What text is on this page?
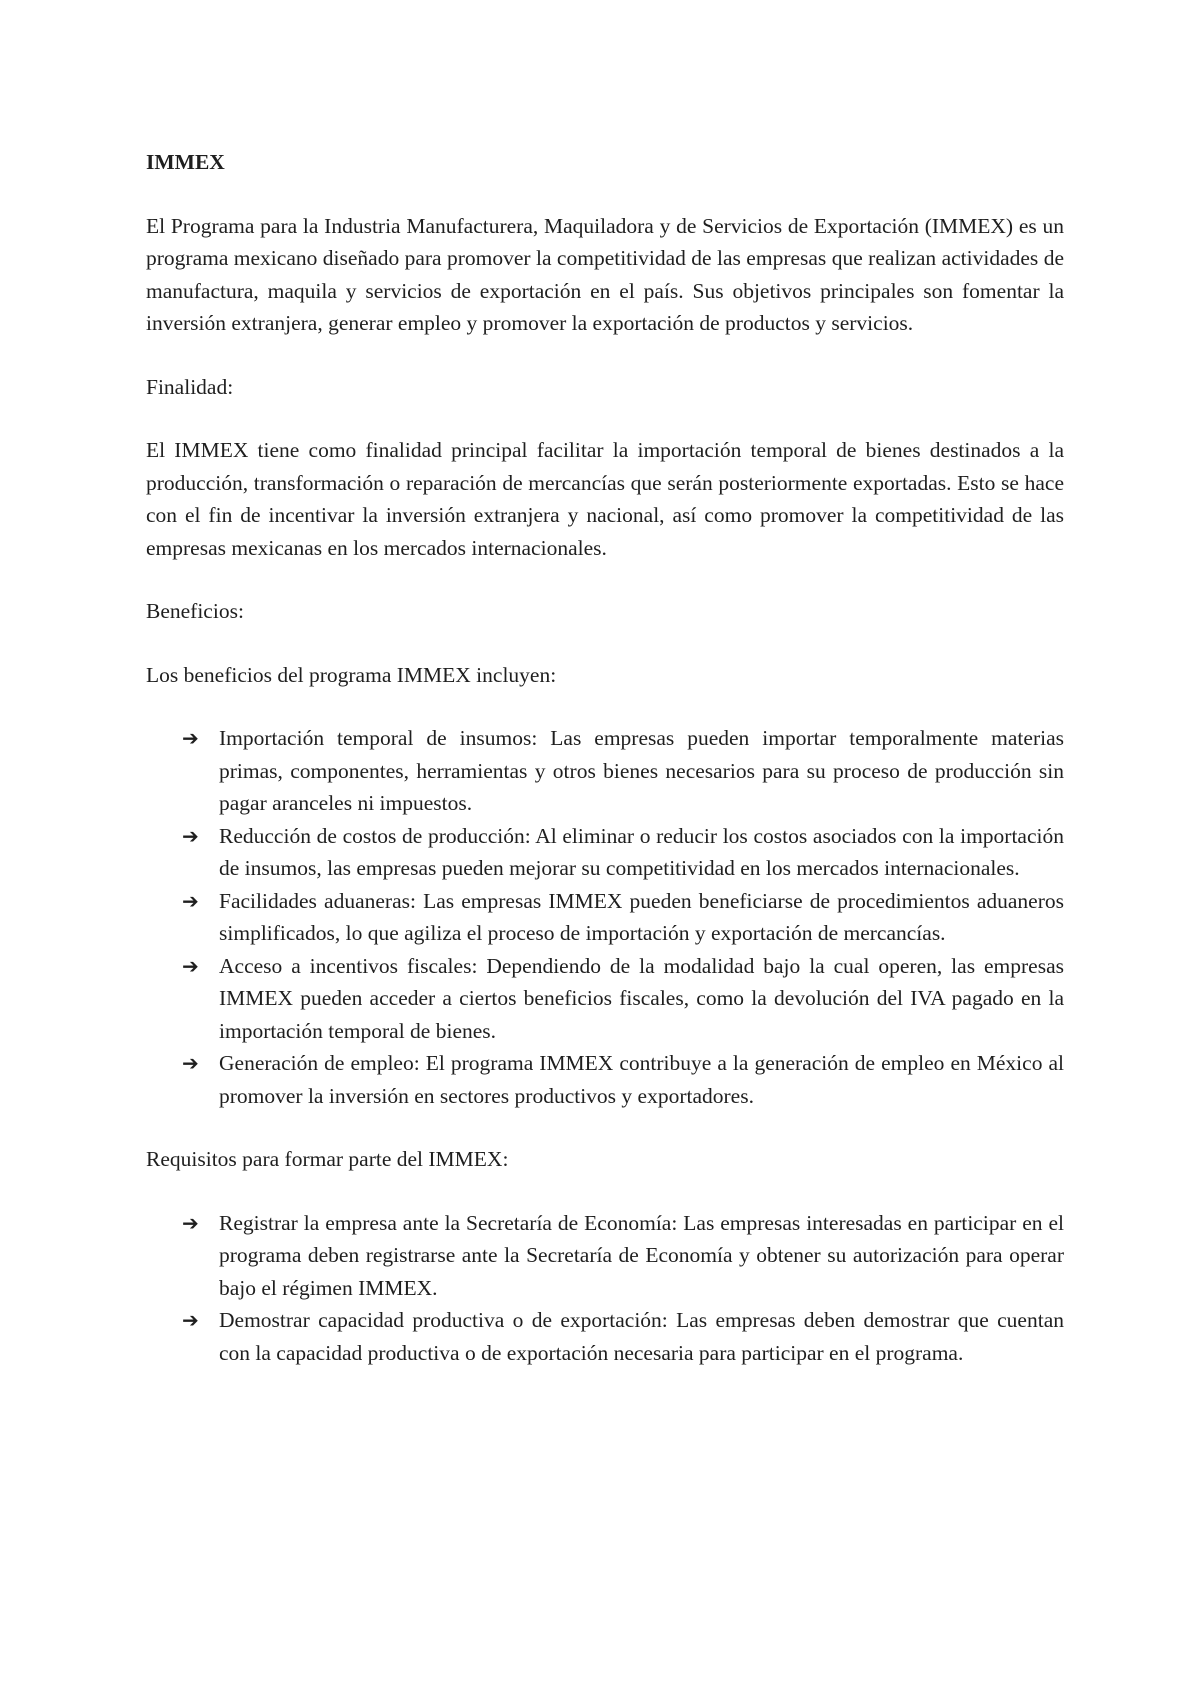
IMMEX

El Programa para la Industria Manufacturera, Maquiladora y de Servicios de Exportación (IMMEX) es un programa mexicano diseñado para promover la competitividad de las empresas que realizan actividades de manufactura, maquila y servicios de exportación en el país. Sus objetivos principales son fomentar la inversión extranjera, generar empleo y promover la exportación de productos y servicios.

Finalidad:

El IMMEX tiene como finalidad principal facilitar la importación temporal de bienes destinados a la producción, transformación o reparación de mercancías que serán posteriormente exportadas. Esto se hace con el fin de incentivar la inversión extranjera y nacional, así como promover la competitividad de las empresas mexicanas en los mercados internacionales.

Beneficios:
Los beneficios del programa IMMEX incluyen:
➔ Importación temporal de insumos: Las empresas pueden importar temporalmente materias primas, componentes, herramientas y otros bienes necesarios para su proceso de producción sin pagar aranceles ni impuestos.
➔ Reducción de costos de producción: Al eliminar o reducir los costos asociados con la importación de insumos, las empresas pueden mejorar su competitividad en los mercados internacionales.
➔ Facilidades aduaneras: Las empresas IMMEX pueden beneficiarse de procedimientos aduaneros simplificados, lo que agiliza el proceso de importación y exportación de mercancías.
➔ Acceso a incentivos fiscales: Dependiendo de la modalidad bajo la cual operen, las empresas IMMEX pueden acceder a ciertos beneficios fiscales, como la devolución del IVA pagado en la importación temporal de bienes.
➔ Generación de empleo: El programa IMMEX contribuye a la generación de empleo en México al promover la inversión en sectores productivos y exportadores.
Requisitos para formar parte del IMMEX:
➔ Registrar la empresa ante la Secretaría de Economía: Las empresas interesadas en participar en el programa deben registrarse ante la Secretaría de Economía y obtener su autorización para operar bajo el régimen IMMEX.
➔ Demostrar capacidad productiva o de exportación: Las empresas deben demostrar que cuentan con la capacidad productiva o de exportación necesaria para participar en el programa.
